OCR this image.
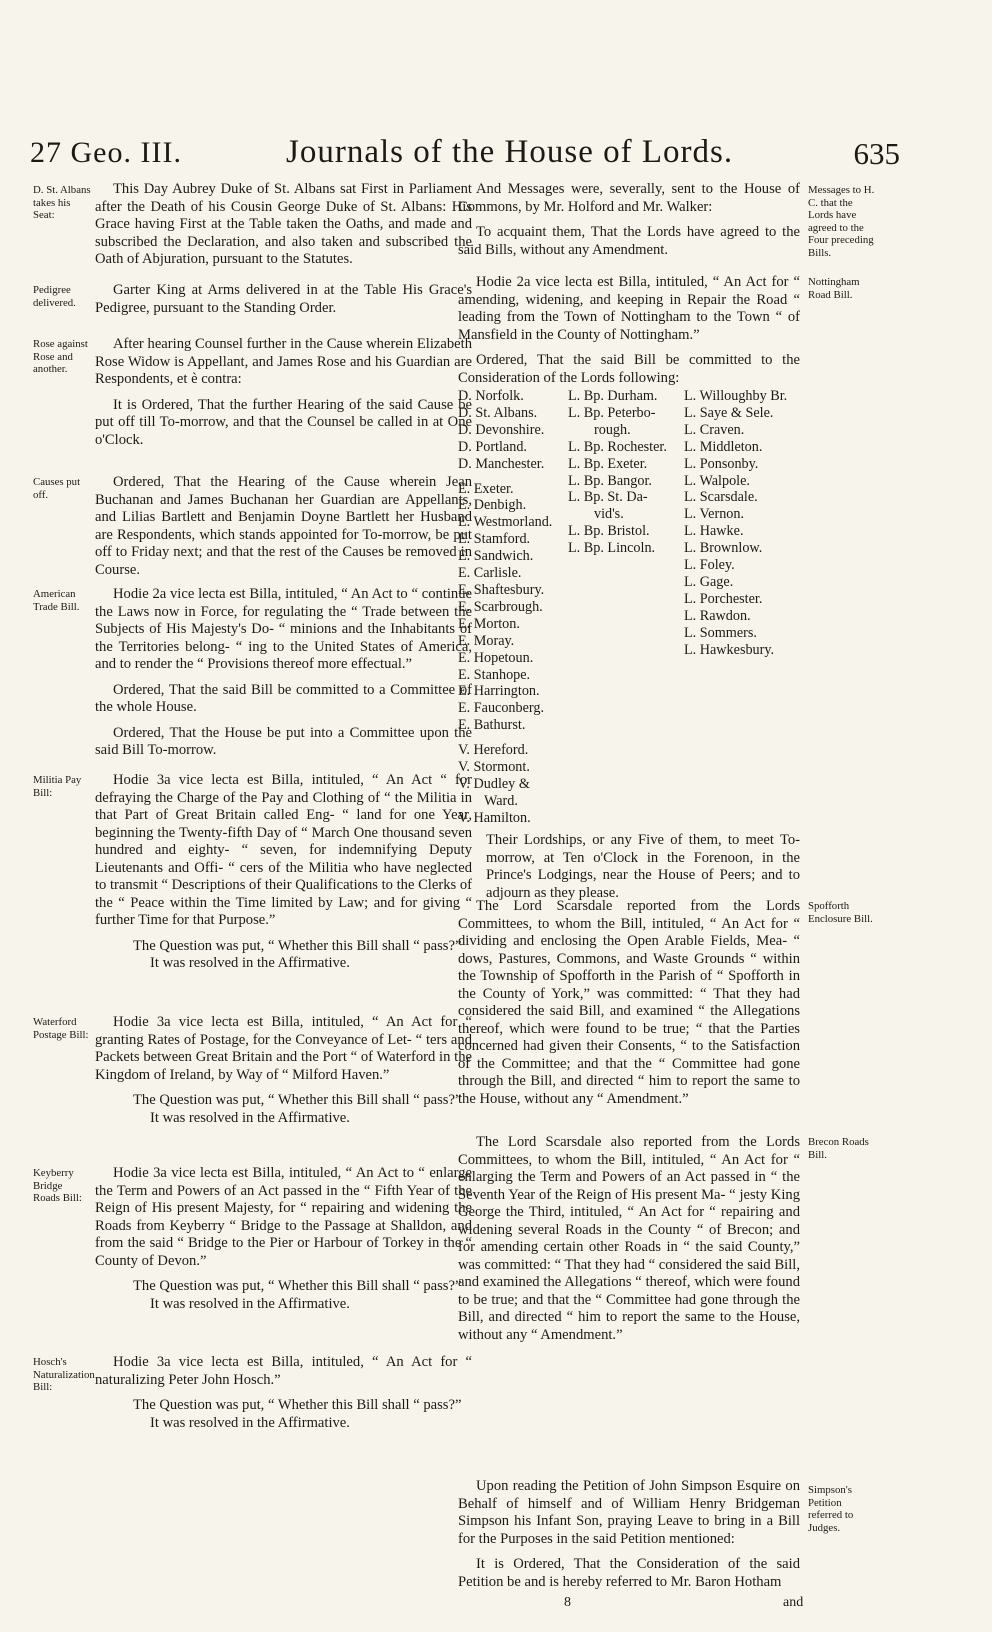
27 Geo. III.	Journals of the House of Lords.	635
D. St. Albans takes his Seat:

This Day Aubrey Duke of St. Albans sat First in Parliament after the Death of his Cousin George Duke of St. Albans: His Grace having First at the Table taken the Oaths, and made and subscribed the Declaration, and also taken and subscribed the Oath of Abjuration, pursuant to the Statutes.

Pedigree delivered.

Garter King at Arms delivered in at the Table His Grace's Pedigree, pursuant to the Standing Order.

Rose against Rose and another.

After hearing Counsel further in the Cause wherein Elizabeth Rose Widow is Appellant, and James Rose and his Guardian are Respondents, et è contra:

It is Ordered, That the further Hearing of the said Cause be put off till To-morrow, and that the Counsel be called in at One o'Clock.

Causes put off.

Ordered, That the Hearing of the Cause wherein Jean Buchanan and James Buchanan her Guardian are Appellants, and Lilias Bartlett and Benjamin Doyne Bartlett her Husband are Respondents, which stands appointed for To-morrow, be put off to Friday next; and that the rest of the Causes be removed in Course.

American Trade Bill.

Hodie 2a vice lecta est Billa, intituled, “ An Act to “ continue the Laws now in Force, for regulating the “ Trade between the Subjects of His Majesty's Do- “ minions and the Inhabitants of the Territories belong- “ ing to the United States of America, and to render the “ Provisions thereof more effectual.”

Ordered, That the said Bill be committed to a Committee of the whole House.

Ordered, That the House be put into a Committee upon the said Bill To-morrow.

Militia Pay Bill:

Hodie 3a vice lecta est Billa, intituled, “ An Act “ for defraying the Charge of the Pay and Clothing of “ the Militia in that Part of Great Britain called Eng- “ land for one Year, beginning the Twenty-fifth Day of “ March One thousand seven hundred and eighty- “ seven, for indemnifying Deputy Lieutenants and Offi- “ cers of the Militia who have neglected to transmit “ Descriptions of their Qualifications to the Clerks of the “ Peace within the Time limited by Law; and for giving “ further Time for that Purpose.”

The Question was put, “ Whether this Bill shall “ pass?”

It was resolved in the Affirmative.

Waterford Postage Bill:

Hodie 3a vice lecta est Billa, intituled, “ An Act for “ granting Rates of Postage, for the Conveyance of Let- “ ters and Packets between Great Britain and the Port “ of Waterford in the Kingdom of Ireland, by Way of “ Milford Haven.”

The Question was put, “ Whether this Bill shall “ pass?”

It was resolved in the Affirmative.

Keyberry Bridge Roads Bill:

Hodie 3a vice lecta est Billa, intituled, “ An Act to “ enlarge the Term and Powers of an Act passed in the “ Fifth Year of the Reign of His present Majesty, for “ repairing and widening the Roads from Keyberry “ Bridge to the Passage at Shalldon, and from the said “ Bridge to the Pier or Harbour of Torkey in the “ County of Devon.”

The Question was put, “ Whether this Bill shall “ pass?”

It was resolved in the Affirmative.

Hosch's Naturalization Bill:

Hodie 3a vice lecta est Billa, intituled, “ An Act for “ naturalizing Peter John Hosch.”

The Question was put, “ Whether this Bill shall “ pass?”

It was resolved in the Affirmative.

Messages to H. C. that the Lords have agreed to the Four preceding Bills.

And Messages were, severally, sent to the House of Commons, by Mr. Holford and Mr. Walker:

To acquaint them, That the Lords have agreed to the said Bills, without any Amendment.

Nottingham Road Bill.

Hodie 2a vice lecta est Billa, intituled, “ An Act for “ amending, widening, and keeping in Repair the Road “ leading from the Town of Nottingham to the Town “ of Mansfield in the County of Nottingham.”

Ordered, That the said Bill be committed to the Consideration of the Lords following:

D. Norfolk.
D. St. Albans.
D. Devonshire.
D. Portland.
D. Manchester.
E. Exeter.
E. Denbigh.
E. Westmorland.
E. Stamford.
E. Sandwich.
E. Carlisle.
E. Shaftesbury.
E. Scarbrough.
E. Morton.
E. Moray.
E. Hopetoun.
E. Stanhope.
E. Harrington.
E. Fauconberg.
E. Bathurst.
V. Hereford.
V. Stormont.
V. Dudley &
Ward.
V. Hamilton.
L. Bp. Durham.
L. Bp. Peterbo-
rough.
L. Bp. Rochester.
L. Bp. Exeter.
L. Bp. Bangor.
L. Bp. St. Da-
vid's.
L. Bp. Bristol.
L. Bp. Lincoln.
L. Willoughby Br.
L. Saye & Sele.
L. Craven.
L. Middleton.
L. Ponsonby.
L. Walpole.
L. Scarsdale.
L. Vernon.
L. Hawke.
L. Brownlow.
L. Foley.
L. Gage.
L. Porchester.
L. Rawdon.
L. Sommers.
L. Hawkesbury.

Their Lordships, or any Five of them, to meet To-morrow, at Ten o'Clock in the Forenoon, in the Prince's Lodgings, near the House of Peers; and to adjourn as they please.

Spofforth Enclosure Bill.

The Lord Scarsdale reported from the Lords Committees, to whom the Bill, intituled, “ An Act for “ dividing and enclosing the Open Arable Fields, Mea- “ dows, Pastures, Commons, and Waste Grounds “ within the Township of Spofforth in the Parish of “ Spofforth in the County of York,” was committed: “ That they had considered the said Bill, and examined “ the Allegations thereof, which were found to be true; “ that the Parties concerned had given their Consents, “ to the Satisfaction of the Committee; and that the “ Committee had gone through the Bill, and directed “ him to report the same to the House, without any “ Amendment.”

Brecon Roads Bill.

The Lord Scarsdale also reported from the Lords Committees, to whom the Bill, intituled, “ An Act for “ enlarging the Term and Powers of an Act passed in “ the Seventh Year of the Reign of His present Ma- “ jesty King George the Third, intituled, “ An Act for “ repairing and widening several Roads in the County “ of Brecon; and for amending certain other Roads in “ the said County,” was committed: “ That they had “ considered the said Bill, and examined the Allegations “ thereof, which were found to be true; and that the “ Committee had gone through the Bill, and directed “ him to report the same to the House, without any “ Amendment.”

Simpson's Petition referred to Judges.

Upon reading the Petition of John Simpson Esquire on Behalf of himself and of William Henry Bridgeman Simpson his Infant Son, praying Leave to bring in a Bill for the Purposes in the said Petition mentioned:

It is Ordered, That the Consideration of the said Petition be and is hereby referred to Mr. Baron Hotham

8	and
